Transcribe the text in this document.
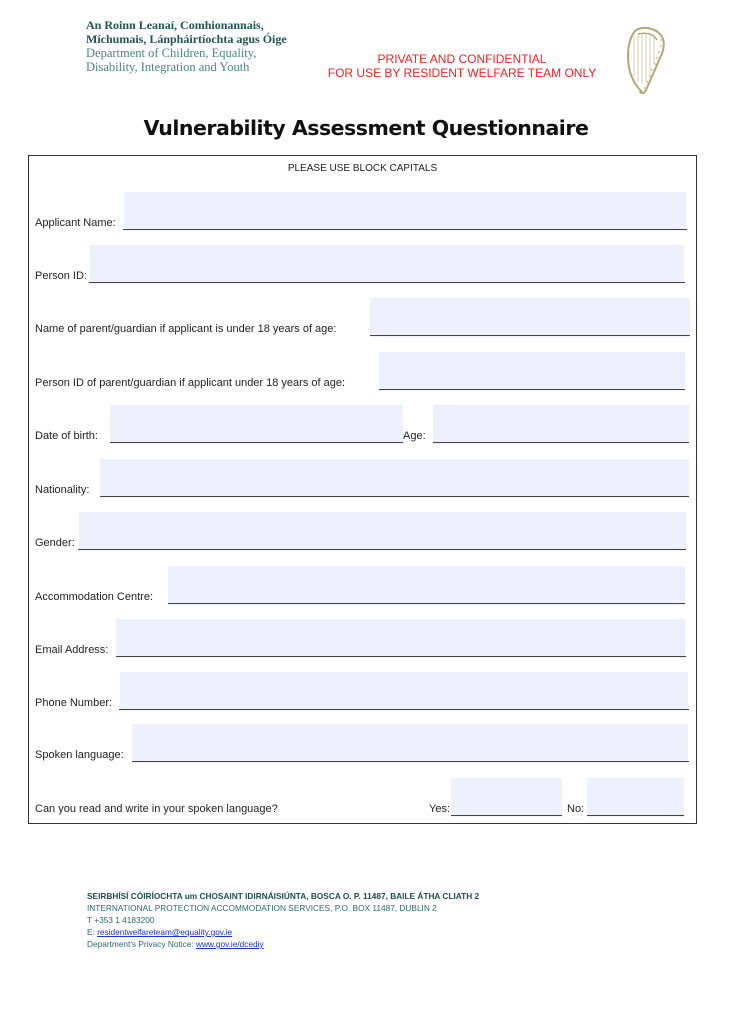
An Roinn Leanaí, Comhionannais,
Míchumais, Lánpháirtíochta agus Óige
Department of Children, Equality,
Disability, Integration and Youth
PRIVATE AND CONFIDENTIAL
FOR USE BY RESIDENT WELFARE TEAM ONLY
Vulnerability Assessment Questionnaire
PLEASE USE BLOCK CAPITALS
Applicant Name:
Person ID:
Name of parent/guardian if applicant is under 18 years of age:
Person ID of parent/guardian if applicant under 18 years of age:
Date of birth:	Age:
Nationality:
Gender:
Accommodation Centre:
Email Address:
Phone Number:
Spoken language:
Can you read and write in your spoken language?	Yes:	No:
SEIRBHÍSÍ CÓIRÍOCHTA um CHOSAINT IDIRNÁISIÚNTA, BOSCA O. P. 11487, BAILE ÁTHA CLIATH 2
INTERNATIONAL PROTECTION ACCOMMODATION SERVICES, P.O. BOX 11487, DUBLIN 2
T +353 1 4183200
E: residentwelfareteam@equality.gov.ie
Department's Privacy Notice: www.gov.ie/dcediy
